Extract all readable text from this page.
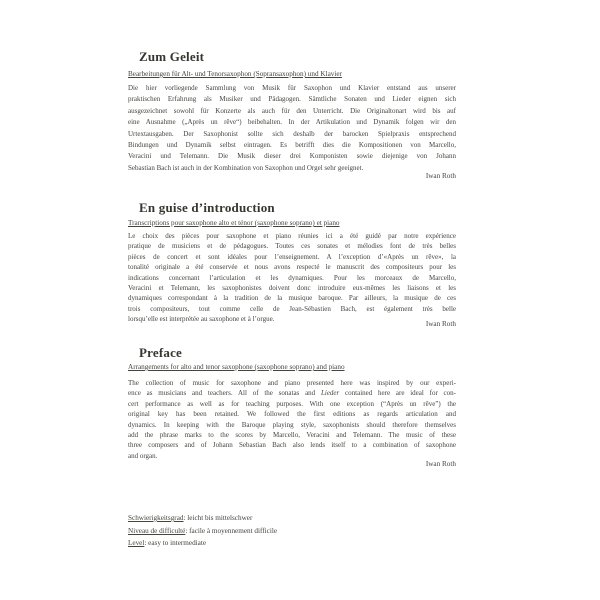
Zum Geleit
Bearbeitungen für Alt- und Tenorsaxophon (Sopransaxophon) und Klavier
Die hier vorliegende Sammlung von Musik für Saxophon und Klavier entstand aus unserer
praktischen Erfahrung als Musiker und Pädagogen. Sämtliche Sonaten und Lieder eignen sich
ausgezeichnet sowohl für Konzerte als auch für den Unterricht. Die Originaltonart wird bis auf
eine Ausnahme („Après un rêve“) beibehalten. In der Artikulation und Dynamik folgen wir den
Urtextausgaben. Der Saxophonist sollte sich deshalb der barocken Spielpraxis entsprechend
Bindungen und Dynamik selbst eintragen. Es betrifft dies die Kompositionen von Marcello,
Veracini und Telemann. Die Musik dieser drei Komponisten sowie diejenige von Johann
Sebastian Bach ist auch in der Kombination von Saxophon und Orgel sehr geeignet.
Iwan Roth
En guise d’introduction
Transcriptions pour saxophone alto et ténor (saxophone soprano) et piano
Le choix des pièces pour saxophone et piano réunies ici a été guidé par notre expérience
pratique de musiciens et de pédagogues. Toutes ces sonates et mélodies font de très belles
pièces de concert et sont idéales pour l’enseignement. A l’exception d’«Après un rêve», la
tonalité originale a été conservée et nous avons respecté le manuscrit des compositeurs pour les
indications concernant l’articulation et les dynamiques. Pour les morceaux de Marcello,
Veracini et Telemann, les saxophonistes doivent donc introduire eux-mêmes les liaisons et les
dynamiques correspondant à la tradition de la musique baroque. Par ailleurs, la musique de ces
trois compositeurs, tout comme celle de Jean-Sébastien Bach, est également très belle
lorsqu’elle est interprétée au saxophone et à l’orgue.
Iwan Roth
Preface
Arrangements for alto and tenor saxophone (saxophone soprano) and piano
The collection of music for saxophone and piano presented here was inspired by our experi-
ence as musicians and teachers. All of the sonatas and Lieder contained here are ideal for con-
cert performance as well as for teaching purposes. With one exception (“Après un rêve”) the
original key has been retained. We followed the first editions as regards articulation and
dynamics. In keeping with the Baroque playing style, saxophonists should therefore themselves
add the phrase marks to the scores by Marcello, Veracini and Telemann. The music of these
three composers and of Johann Sebastian Bach also lends itself to a combination of saxophone
and organ.
Iwan Roth
Schwierigkeitsgrad: leicht bis mittelschwer
Niveau de difficulté: facile à moyennement difficile
Level: easy to intermediate
